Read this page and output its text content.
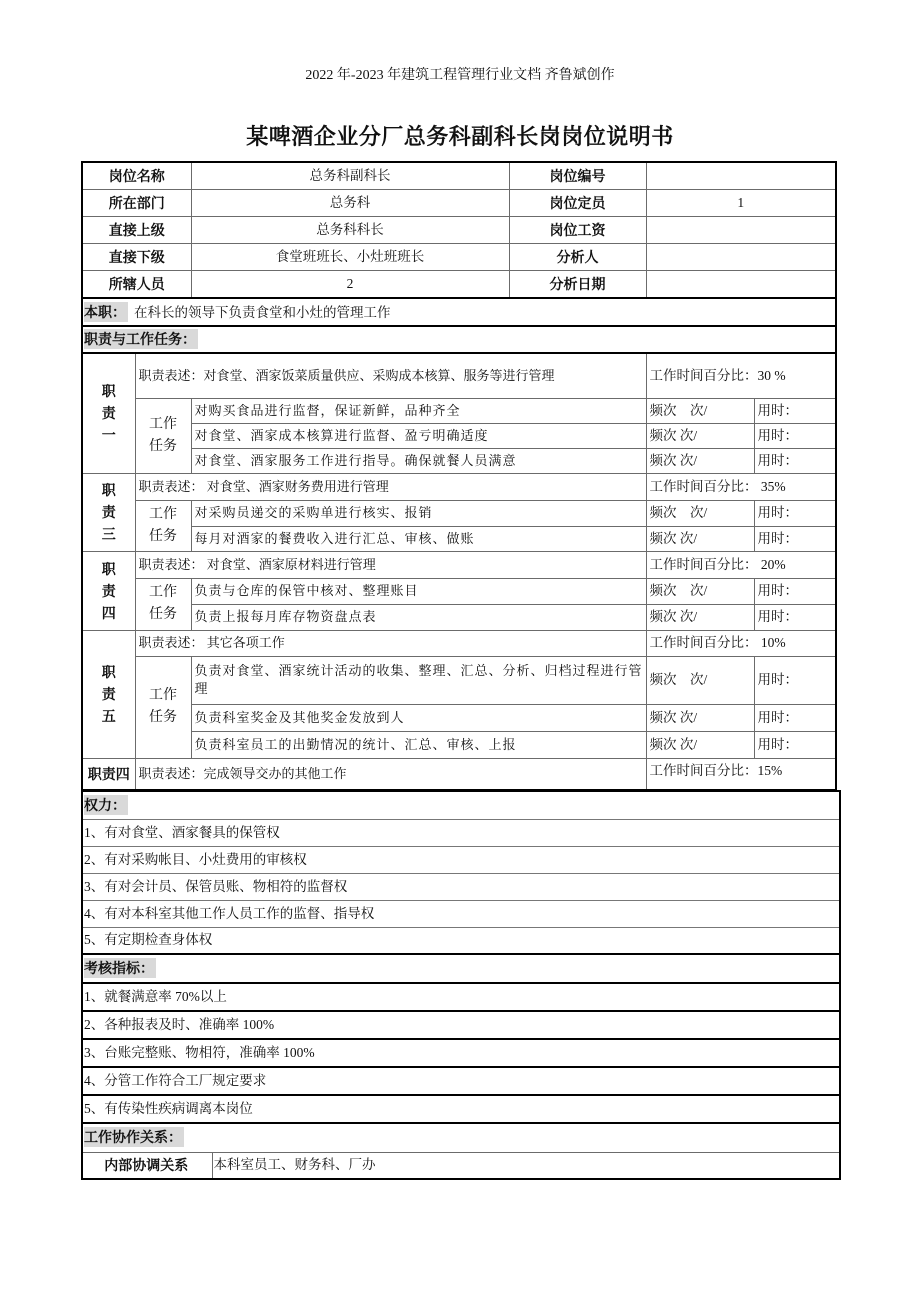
2022 年-2023 年建筑工程管理行业文档 齐鲁斌创作
某啤酒企业分厂总务科副科长岗岗位说明书
岗位名称		总务科副科长	岗位编号		
所在部门		总务科	岗位定员	1	
直接上级		总务科科长	岗位工资		
直接下级		食堂班班长、小灶班班长	分析人		
所辖人员		2	分析日期		
本职： 在科长的领导下负责食堂和小灶的管理工作					
职责与工作任务：					

职责一	职责表述：对食堂、酒家饭菜质量供应、采购成本核算、服务等进行管理			工作时间百分比：30 %	

	工作任务	对购买食品进行监督，保证新鲜，品种齐全		频次　次/	用时：
		对食堂、酒家成本核算进行监督、盈亏明确适度		频次 次/	用时：
		对食堂、酒家服务工作进行指导。确保就餐人员满意		频次 次/	用时：

职责三	职责表述： 对食堂、酒家财务费用进行管理			工作时间百分比： 35%	

	工作任务	对采购员递交的采购单进行核实、报销		频次　次/	用时：
		每月对酒家的餐费收入进行汇总、审核、做账		频次 次/	用时：

职责四	职责表述： 对食堂、酒家原材料进行管理			工作时间百分比： 20%	

	工作任务	负责与仓库的保管中核对、整理账目		频次　次/	用时：
		负责上报每月库存物资盘点表		频次 次/	用时：

职责五	职责表述： 其它各项工作			工作时间百分比： 10%	

	工作任务	负责对食堂、酒家统计活动的收集、整理、汇总、分析、归档过程进行管理		频次　次/	用时：
		负责科室奖金及其他奖金发放到人		频次 次/	用时：
		负责科室员工的出勤情况的统计、汇总、审核、上报		频次 次/	用时：
职责四	职责表述：完成领导交办的其他工作			工作时间百分比：15%	
权力：
1、有对食堂、酒家餐具的保管权
2、有对采购帐目、小灶费用的审核权
3、有对会计员、保管员账、物相符的监督权
4、有对本科室其他工作人员工作的监督、指导权
5、有定期检查身体权
考核指标：
1、就餐满意率 70%以上
2、各种报表及时、准确率 100%
3、台账完整账、物相符，准确率 100%
4、分管工作符合工厂规定要求
5、有传染性疾病调离本岗位
工作协作关系：
内部协调关系	本科室员工、财务科、厂办
